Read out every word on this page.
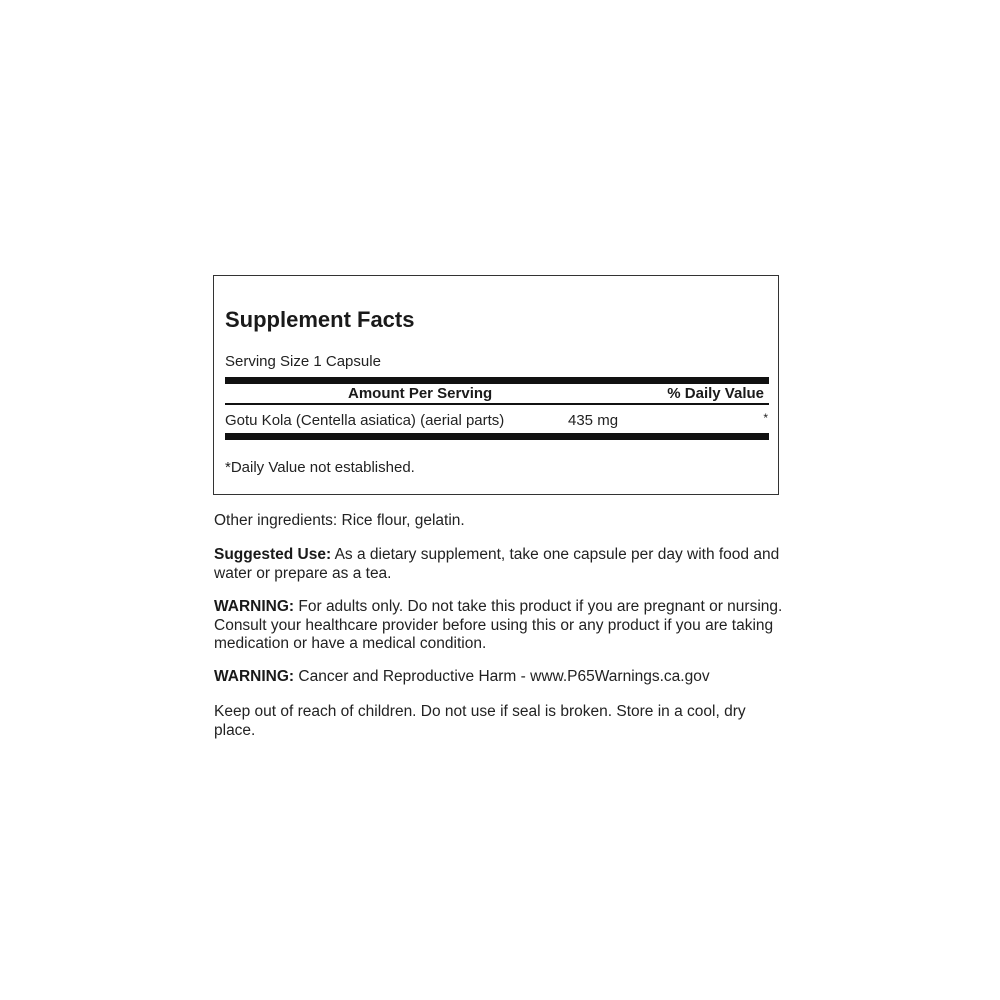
Supplement Facts
Serving Size 1 Capsule
Amount Per Serving	% Daily Value
Gotu Kola (Centella asiatica) (aerial parts)	435 mg	*
*Daily Value not established.

Other ingredients: Rice flour, gelatin.

Suggested Use: As a dietary supplement, take one capsule per day with food and water or prepare as a tea.

WARNING: For adults only. Do not take this product if you are pregnant or nursing. Consult your healthcare provider before using this or any product if you are taking medication or have a medical condition.

WARNING: Cancer and Reproductive Harm - www.P65Warnings.ca.gov

Keep out of reach of children. Do not use if seal is broken. Store in a cool, dry place.
